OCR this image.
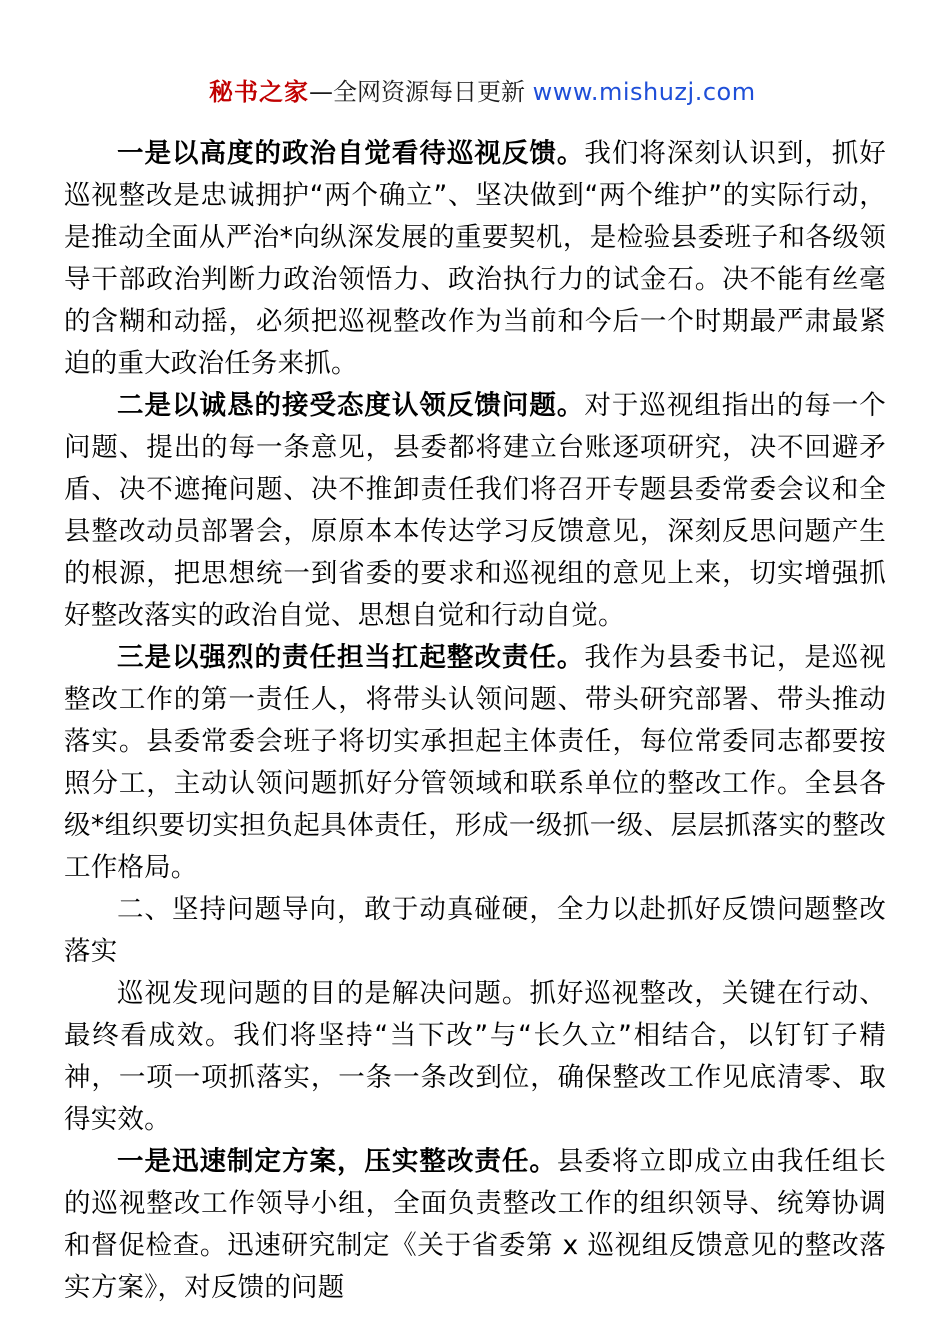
秘书之家—全网资源每日更新 www.mishuzj.com

一是以高度的政治自觉看待巡视反馈。我们将深刻认识到，抓好巡视整改是忠诚拥护“两个确立”、坚决做到“两个维护”的实际行动，是推动全面从严治*向纵深发展的重要契机，是检验县委班子和各级领导干部政治判断力政治领悟力、政治执行力的试金石。决不能有丝毫的含糊和动摇，必须把巡视整改作为当前和今后一个时期最严肃最紧迫的重大政治任务来抓。

二是以诚恳的接受态度认领反馈问题。对于巡视组指出的每一个问题、提出的每一条意见，县委都将建立台账逐项研究，决不回避矛盾、决不遮掩问题、决不推卸责任我们将召开专题县委常委会议和全县整改动员部署会，原原本本传达学习反馈意见，深刻反思问题产生的根源，把思想统一到省委的要求和巡视组的意见上来，切实增强抓好整改落实的政治自觉、思想自觉和行动自觉。

三是以强烈的责任担当扛起整改责任。我作为县委书记，是巡视整改工作的第一责任人，将带头认领问题、带头研究部署、带头推动落实。县委常委会班子将切实承担起主体责任，每位常委同志都要按照分工，主动认领问题抓好分管领域和联系单位的整改工作。全县各级*组织要切实担负起具体责任，形成一级抓一级、层层抓落实的整改工作格局。

二、坚持问题导向，敢于动真碰硬，全力以赴抓好反馈问题整改落实

巡视发现问题的目的是解决问题。抓好巡视整改，关键在行动、最终看成效。我们将坚持“当下改”与“长久立”相结合，以钉钉子精神，一项一项抓落实，一条一条改到位，确保整改工作见底清零、取得实效。

一是迅速制定方案，压实整改责任。县委将立即成立由我任组长的巡视整改工作领导小组，全面负责整改工作的组织领导、统筹协调和督促检查。迅速研究制定《关于省委第 x 巡视组反馈意见的整改落实方案》，对反馈的问题
